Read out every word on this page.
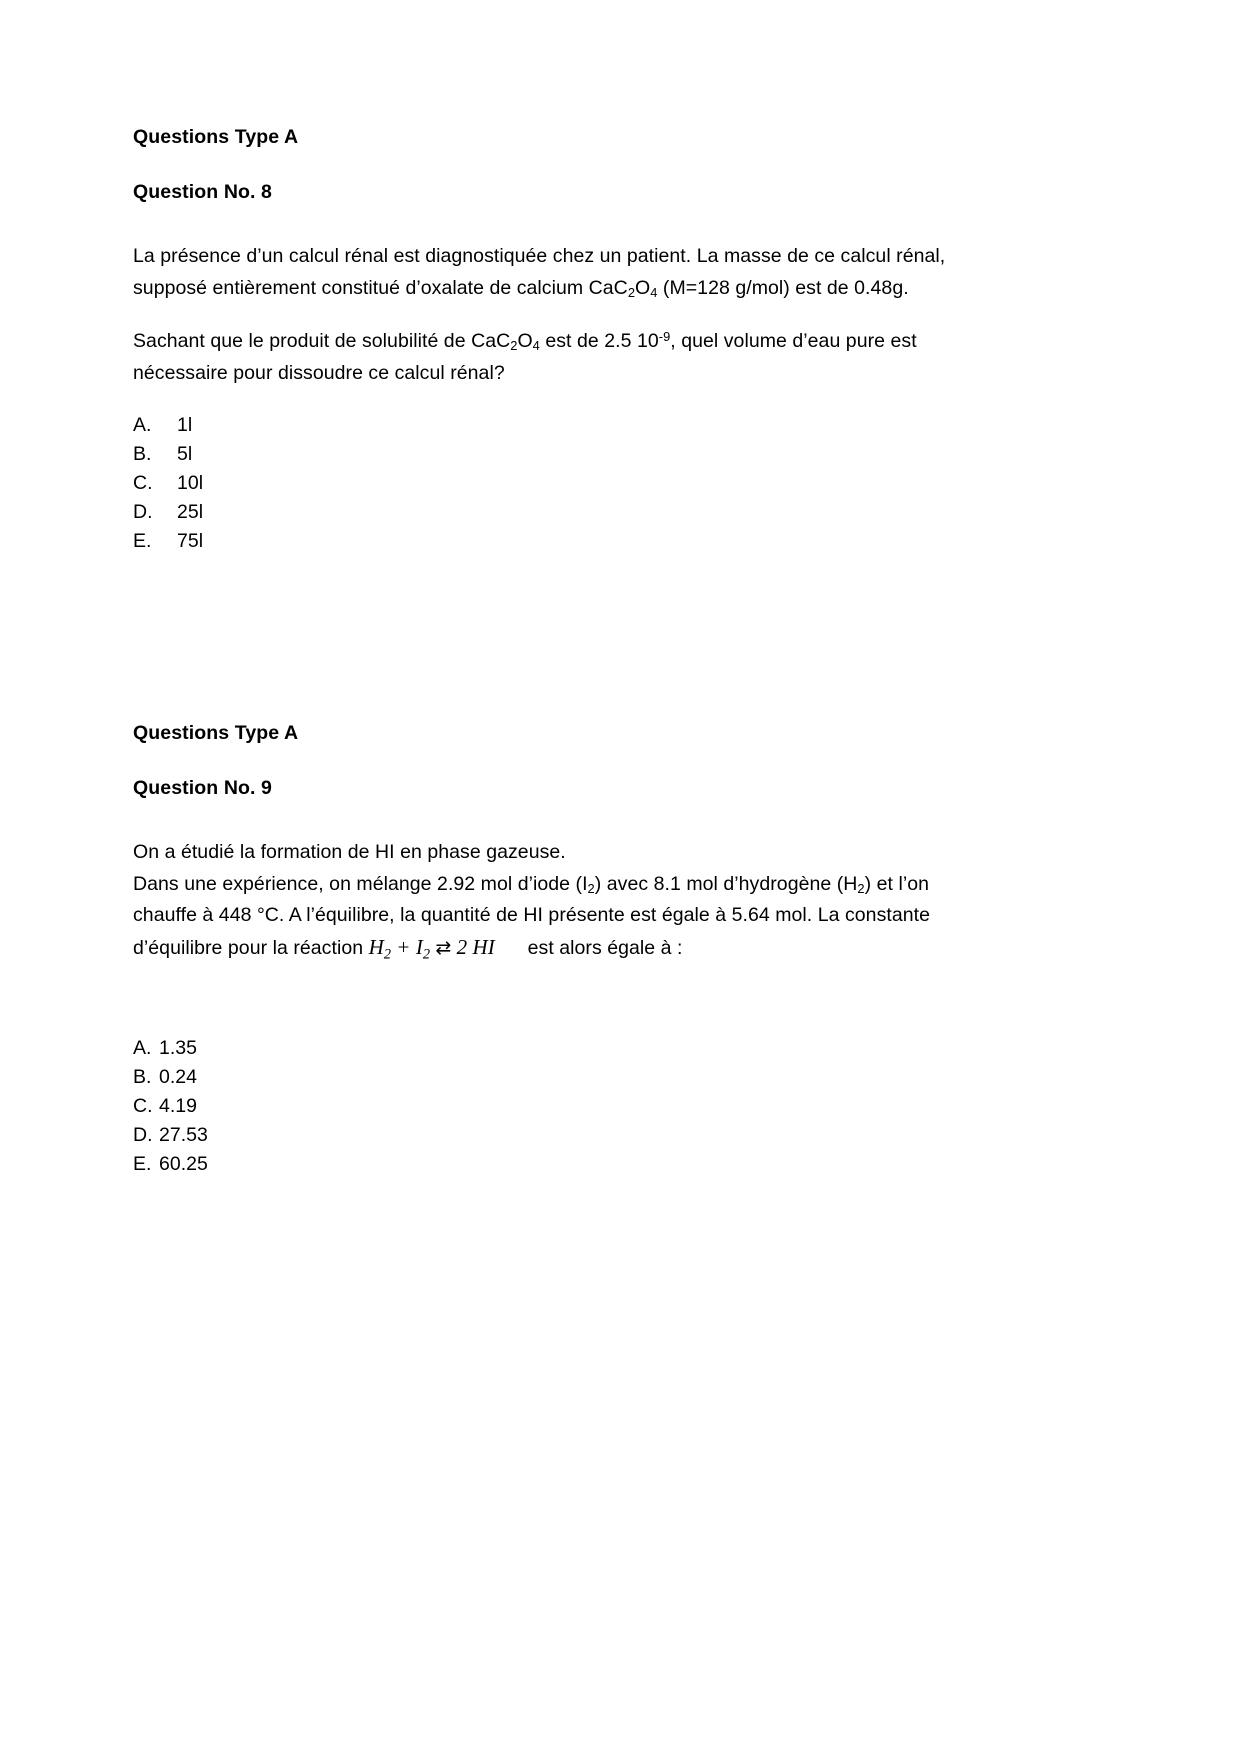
Questions Type A
Question No. 8

La présence d’un calcul rénal est diagnostiquée chez un patient. La masse de ce calcul rénal, supposé entièrement constitué d’oxalate de calcium $CaC_2O_4$ (M=128 g/mol) est de 0.48g.

Sachant que le produit de solubilité de $CaC_2O_4$ est de 2.5 $10^{-9}$, quel volume d’eau pure est nécessaire pour dissoudre ce calcul rénal?

A.	1l
B.	5l
C.	10l
D.	25l
E.	75l
Questions Type A
Question No. 9

On a étudié la formation de HI en phase gazeuse.

Dans une expérience, on mélange 2.92 mol d’iode $(I_2)$ avec 8.1 mol d’hydrogène $(H_2)$ et l’on chauffe à 448 °C. A l’équilibre, la quantité de HI présente est égale à 5.64 mol. La constante d’équilibre pour la réaction $H_2 + I_2$ ⇄ 2 HI      est alors égale à :

A. 1.35
B. 0.24
C. 4.19
D. 27.53
E. 60.25
